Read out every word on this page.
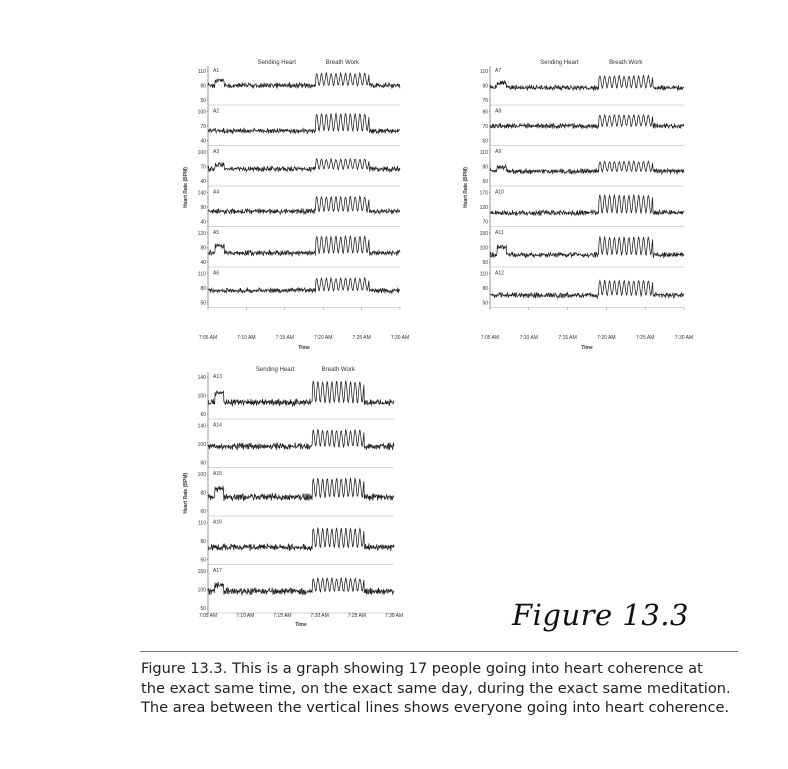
Sending Heart	Breath Work
Heart Rate (BPM)
A1
110
80
50
A2
100
70
40
A3
100
70
40
A4
140
90
40
A5
120
80
40
A6
110
80
50
7:05 AM	7:10 AM	7:15 AM	7:20 AM	7:25 AM	7:30 AM
Time
Sending Heart	Breath Work
Heart Rate (BPM)
A7
110
90
70
A8
90
70
50
A9
110
80
50
A10
170
120
70
A11
150
100
50
A12
110
80
50
7:05 AM	7:10 AM	7:15 AM	7:20 AM	7:25 AM	7:30 AM
Time
Sending Heart	Breath Work
Heart Rate (BPM)
A13
140
100
60
A14
140
100
60
A15
100
80
60
A16
110
80
50
A17
150
100
50
7:05 AM	7:10 AM	7:15 AM	7:20 AM	7:25 AM	7:30 AM
Time	Figure 13.3
Figure 13.3. This is a graph showing 17 people going into heart coherence at
the exact same time, on the exact same day, during the exact same meditation.
The area between the vertical lines shows everyone going into heart coherence.
